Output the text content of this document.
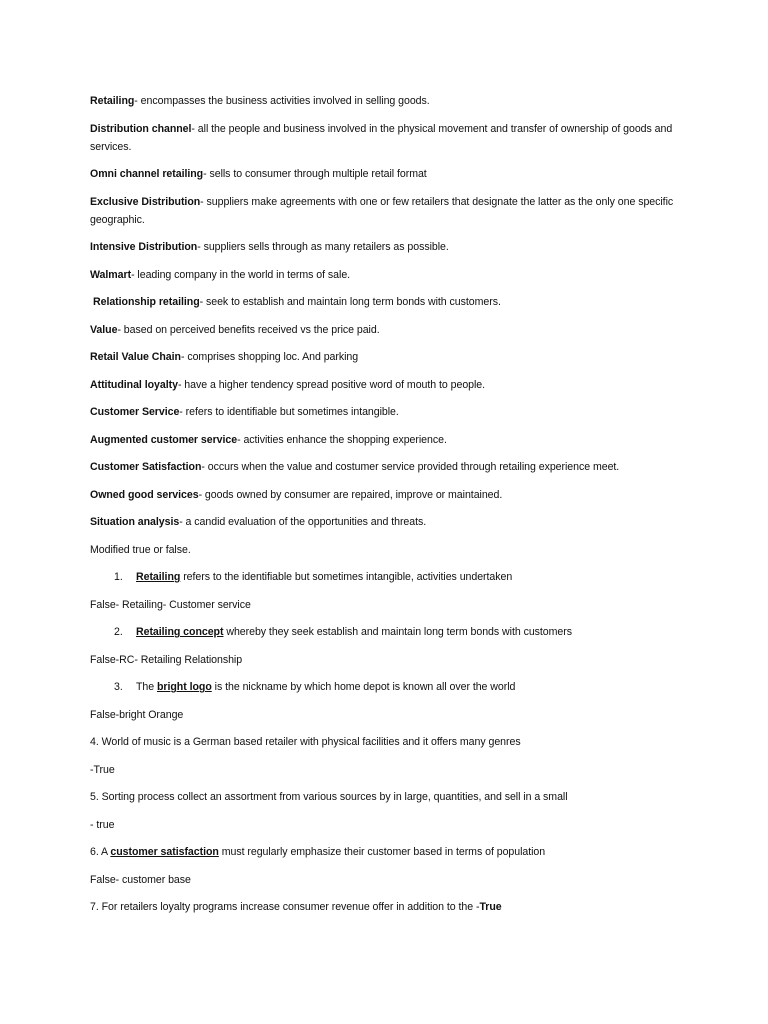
Retailing- encompasses the business activities involved in selling goods.
Distribution channel- all the people and business involved in the physical movement and transfer of ownership of goods and services.
Omni channel retailing- sells to consumer through multiple retail format
Exclusive Distribution- suppliers make agreements with one or few retailers that designate the latter as the only one specific geographic.
Intensive Distribution- suppliers sells through as many retailers as possible.
Walmart- leading company in the world in terms of sale.
Relationship retailing- seek to establish and maintain long term bonds with customers.
Value- based on perceived benefits received vs the price paid.
Retail Value Chain- comprises shopping loc. And parking
Attitudinal loyalty- have a higher tendency spread positive word of mouth to people.
Customer Service- refers to identifiable but sometimes intangible.
Augmented customer service- activities enhance the shopping experience.
Customer Satisfaction- occurs when the value and costumer service provided through retailing experience meet.
Owned good services- goods owned by consumer are repaired, improve or maintained.
Situation analysis- a candid evaluation of the opportunities and threats.
Modified true or false.
1.	Retailing refers to the identifiable but sometimes intangible, activities undertaken
False- Retailing- Customer service
2.	Retailing concept whereby they seek establish and maintain long term bonds with customers
False-RC- Retailing Relationship
3.	The bright logo is the nickname by which home depot is known all over the world
False-bright Orange
4. World of music is a German based retailer with physical facilities and it offers many genres
-True
5. Sorting process collect an assortment from various sources by in large, quantities, and sell in a small
- true
6. A customer satisfaction must regularly emphasize their customer based in terms of population
False- customer base
7. For retailers loyalty programs increase consumer revenue offer in addition to the -True
